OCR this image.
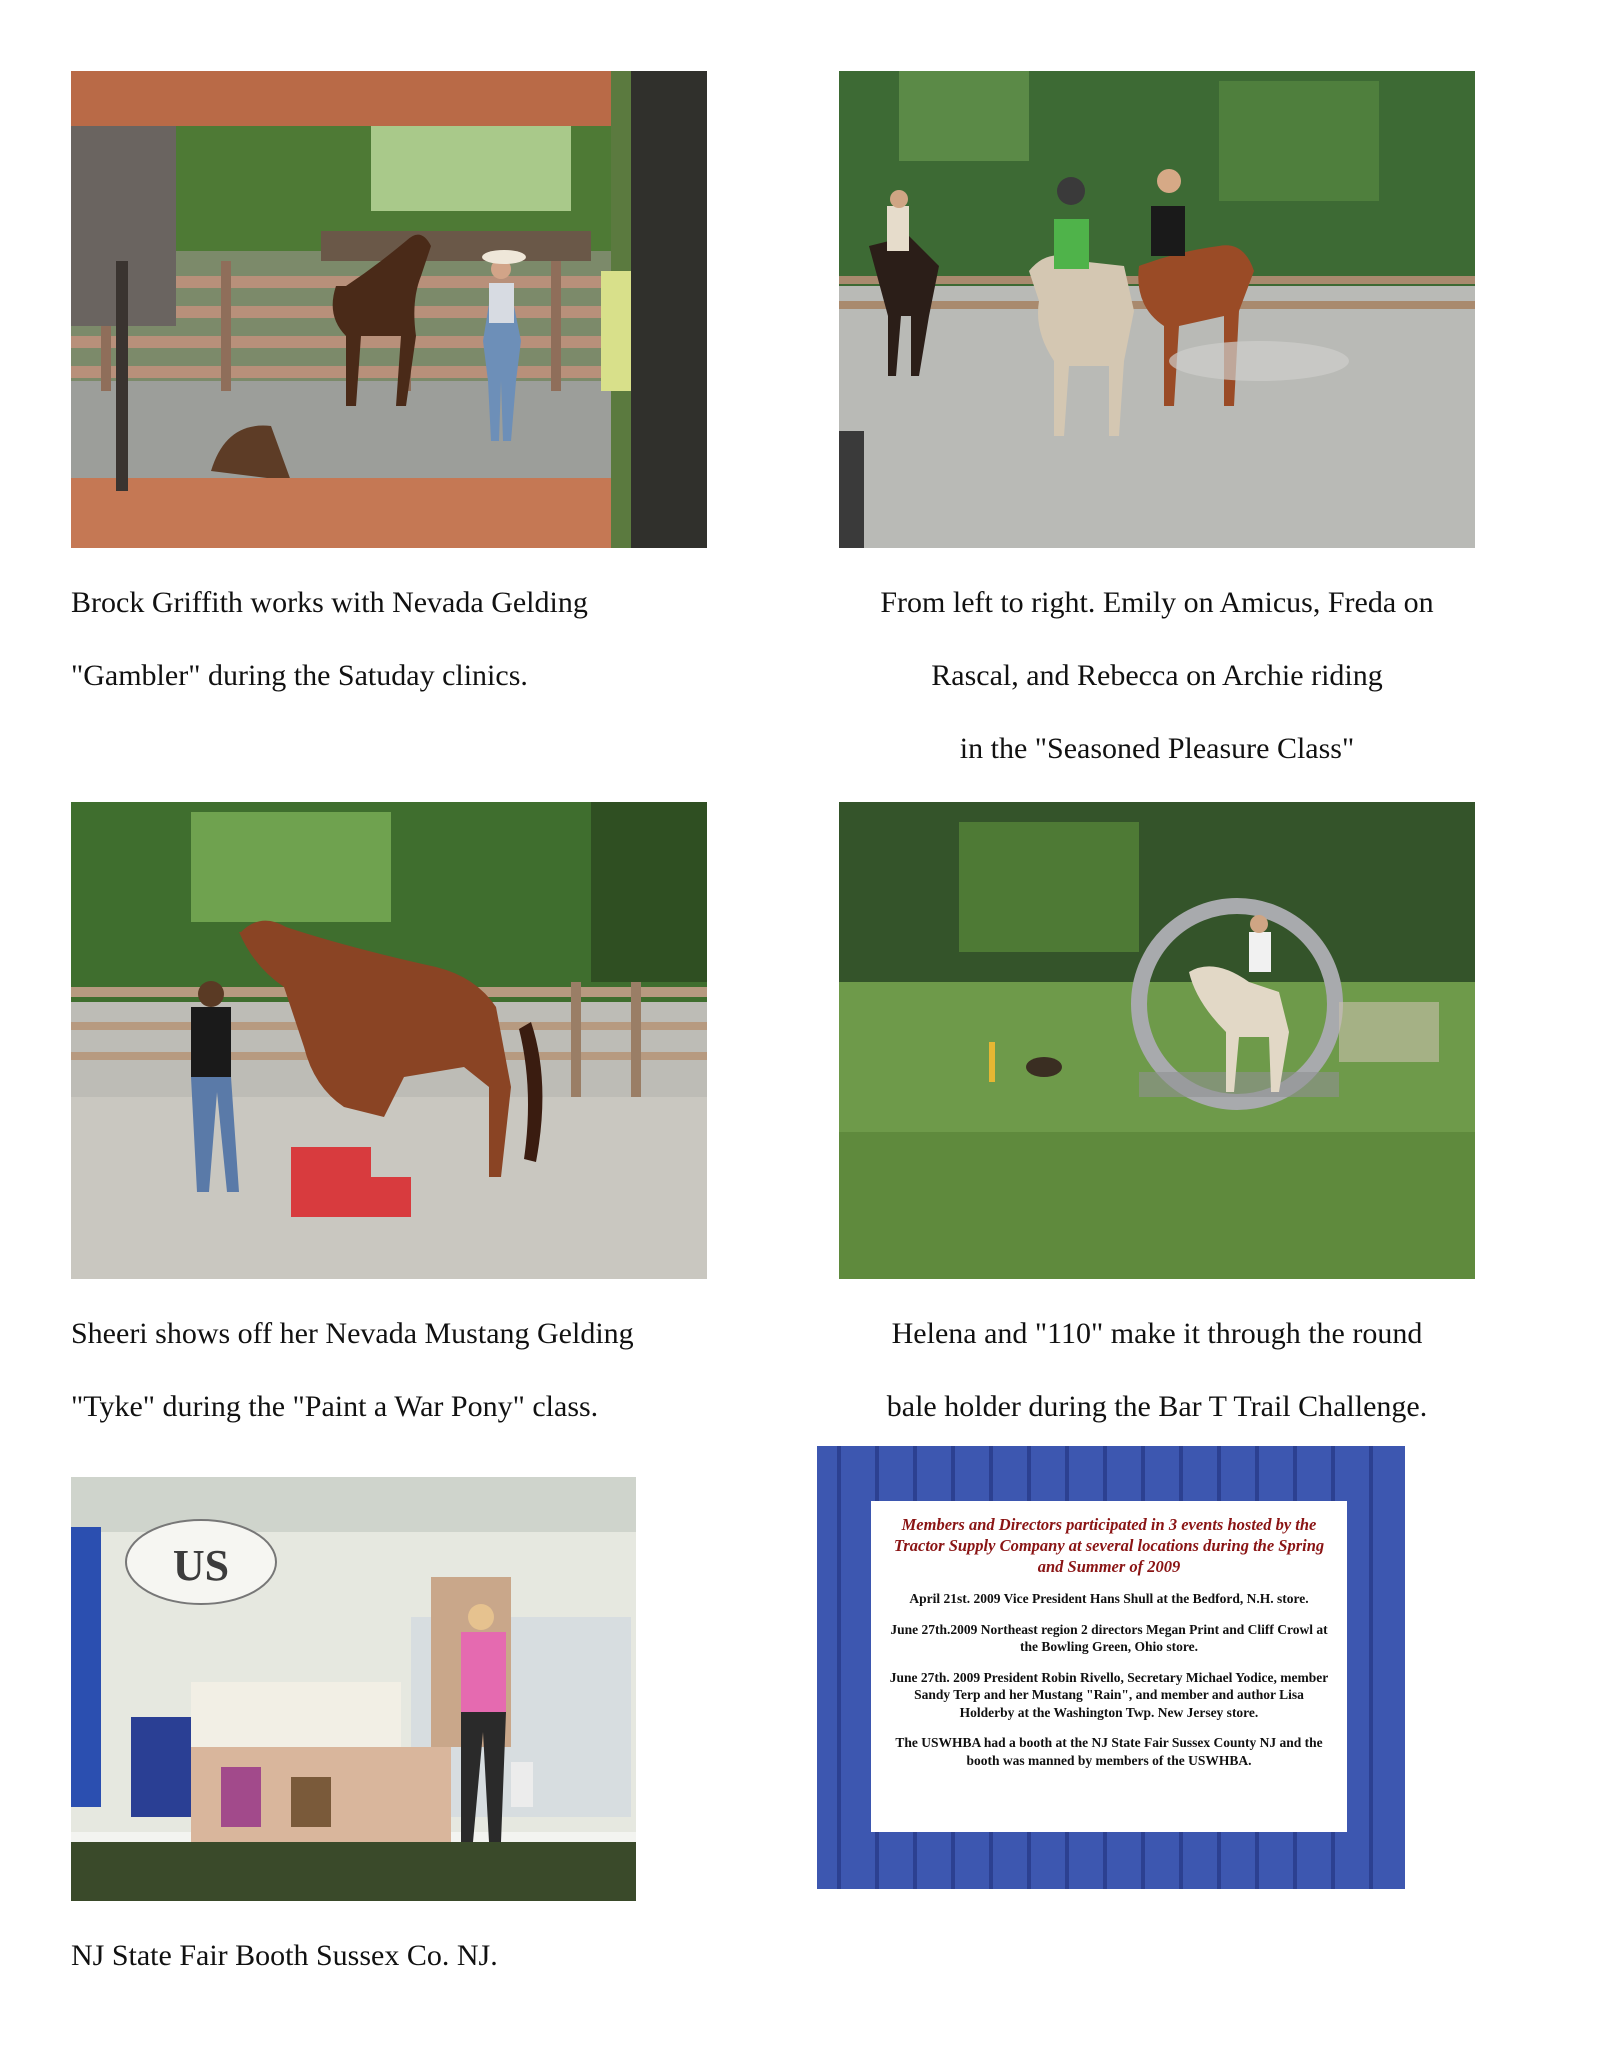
US
Members and Directors participated in 3 events hosted by the Tractor Supply Company at several locations during the Spring and Summer of 2009
April 21st. 2009 Vice President Hans Shull at the Bedford, N.H. store.
June 27th.2009 Northeast region 2 directors Megan Print and Cliff Crowl at the Bowling Green, Ohio store.
June 27th. 2009 President Robin Rivello, Secretary Michael Yodice, member Sandy Terp and her Mustang "Rain", and member and author Lisa Holderby at the Washington Twp. New Jersey store.
The USWHBA had a booth at the NJ State Fair Sussex County NJ and the booth was manned by members of the USWHBA.
Brock Griffith works with Nevada Gelding
"Gambler" during the Satuday clinics.
From left to right. Emily on Amicus, Freda on
Rascal, and Rebecca on Archie riding
in the "Seasoned Pleasure Class"
Sheeri shows off her Nevada Mustang Gelding
"Tyke" during the "Paint a War Pony" class.
Helena and "110" make it through the round
bale holder during the Bar T Trail Challenge.
NJ State Fair Booth Sussex Co. NJ.
